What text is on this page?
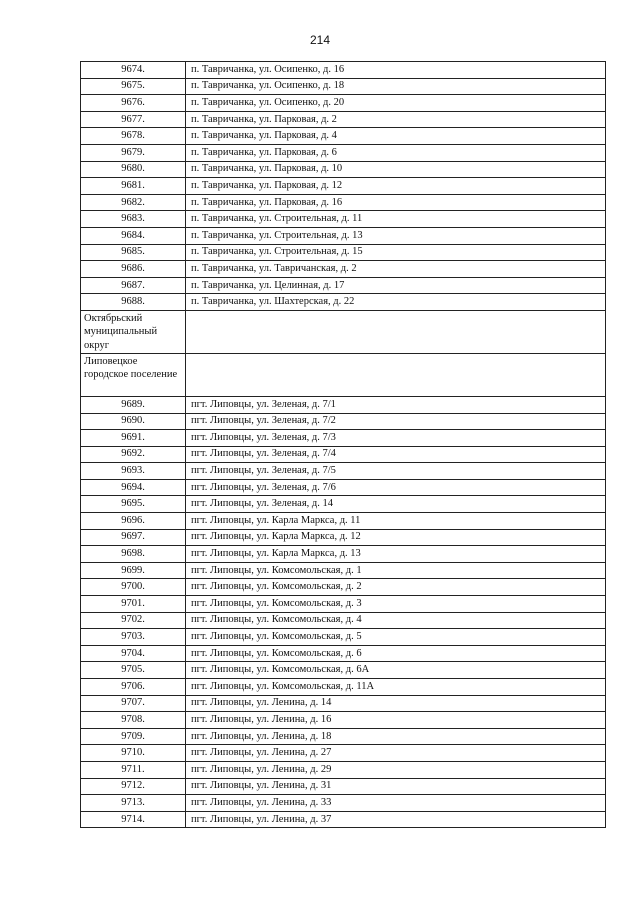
214
9674.	п. Тавричанка, ул. Осипенко, д. 16
9675.	п. Тавричанка, ул. Осипенко, д. 18
9676.	п. Тавричанка, ул. Осипенко, д. 20
9677.	п. Тавричанка, ул. Парковая, д. 2
9678.	п. Тавричанка, ул. Парковая, д. 4
9679.	п. Тавричанка, ул. Парковая, д. 6
9680.	п. Тавричанка, ул. Парковая, д. 10
9681.	п. Тавричанка, ул. Парковая, д. 12
9682.	п. Тавричанка, ул. Парковая, д. 16
9683.	п. Тавричанка, ул. Строительная, д. 11
9684.	п. Тавричанка, ул. Строительная, д. 13
9685.	п. Тавричанка, ул. Строительная, д. 15
9686.	п. Тавричанка, ул. Тавричанская, д. 2
9687.	п. Тавричанка, ул. Целинная, д. 17
9688.	п. Тавричанка, ул. Шахтерская, д. 22
Октябрьский муниципальный округ	
Липовецкое городское поселение	
9689.	пгт. Липовцы, ул. Зеленая, д. 7/1
9690.	пгт. Липовцы, ул. Зеленая, д. 7/2
9691.	пгт. Липовцы, ул. Зеленая, д. 7/3
9692.	пгт. Липовцы, ул. Зеленая, д. 7/4
9693.	пгт. Липовцы, ул. Зеленая, д. 7/5
9694.	пгт. Липовцы, ул. Зеленая, д. 7/6
9695.	пгт. Липовцы, ул. Зеленая, д. 14
9696.	пгт. Липовцы, ул. Карла Маркса, д. 11
9697.	пгт. Липовцы, ул. Карла Маркса, д. 12
9698.	пгт. Липовцы, ул. Карла Маркса, д. 13
9699.	пгт. Липовцы, ул. Комсомольская, д. 1
9700.	пгт. Липовцы, ул. Комсомольская, д. 2
9701.	пгт. Липовцы, ул. Комсомольская, д. 3
9702.	пгт. Липовцы, ул. Комсомольская, д. 4
9703.	пгт. Липовцы, ул. Комсомольская, д. 5
9704.	пгт. Липовцы, ул. Комсомольская, д. 6
9705.	пгт. Липовцы, ул. Комсомольская, д. 6А
9706.	пгт. Липовцы, ул. Комсомольская, д. 11А
9707.	пгт. Липовцы, ул. Ленина, д. 14
9708.	пгт. Липовцы, ул. Ленина, д. 16
9709.	пгт. Липовцы, ул. Ленина, д. 18
9710.	пгт. Липовцы, ул. Ленина, д. 27
9711.	пгт. Липовцы, ул. Ленина, д. 29
9712.	пгт. Липовцы, ул. Ленина, д. 31
9713.	пгт. Липовцы, ул. Ленина, д. 33
9714.	пгт. Липовцы, ул. Ленина, д. 37
